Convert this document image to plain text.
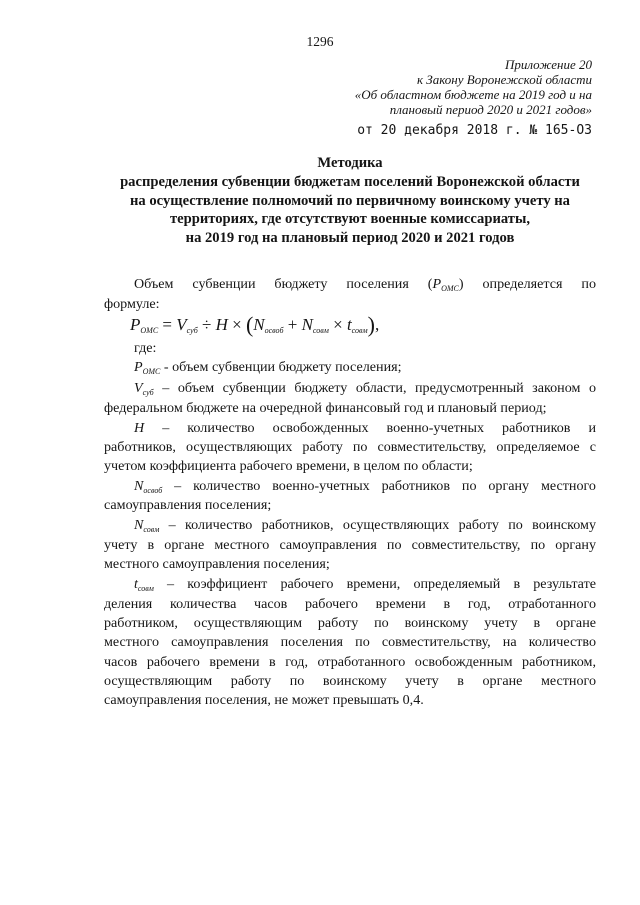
1296
Приложение 20
к Закону Воронежской области
«Об областном бюджете на 2019 год и на
плановый период 2020 и 2021 годов»
от 20 декабря 2018 г. № 165-ОЗ
Методика
распределения субвенции бюджетам поселений Воронежской области
на осуществление полномочий по первичному воинскому учету на
территориях, где отсутствуют военные комиссариаты,
на 2019 год на плановый период 2020 и 2021 годов
Объем субвенции бюджету поселения $(P_{ОМС})$ определяется по
формуле:
$P_{ОМС} = V_{суб} \div H \times (N_{освоб} + N_{совм} \times t_{совм})$,
где:
$P_{ОМС}$ - объем субвенции бюджету поселения;
$V_{суб}$ – объем субвенции бюджету области, предусмотренный законом о
федеральном бюджете на очередной финансовый год и плановый период;
H – количество освобожденных военно-учетных работников и
работников, осуществляющих работу по совместительству, определяемое с
учетом коэффициента рабочего времени, в целом по области;
$N_{освоб}$ – количество военно-учетных работников по органу местного
самоуправления поселения;
$N_{совм}$ – количество работников, осуществляющих работу по воинскому
учету в органе местного самоуправления по совместительству, по органу
местного самоуправления поселения;
$t_{совм}$ – коэффициент рабочего времени, определяемый в результате
деления количества часов рабочего времени в год, отработанного
работником, осуществляющим работу по воинскому учету в органе
местного самоуправления поселения по совместительству, на количество
часов рабочего времени в год, отработанного освобожденным работником,
осуществляющим работу по воинскому учету в органе местного
самоуправления поселения, не может превышать 0,4.
